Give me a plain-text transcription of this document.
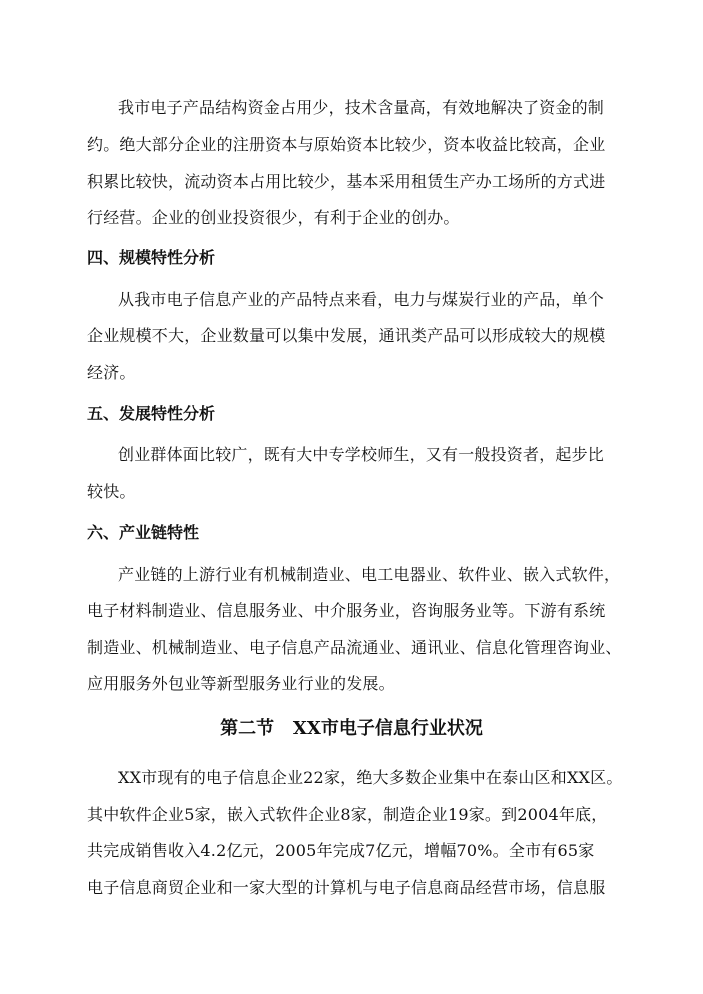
我市电子产品结构资金占用少，技术含量高，有效地解决了资金的制
约。绝大部分企业的注册资本与原始资本比较少，资本收益比较高，企业
积累比较快，流动资本占用比较少，基本采用租赁生产办工场所的方式进
行经营。企业的创业投资很少，有利于企业的创办。
四、规模特性分析
从我市电子信息产业的产品特点来看，电力与煤炭行业的产品，单个
企业规模不大，企业数量可以集中发展，通讯类产品可以形成较大的规模
经济。
五、发展特性分析
创业群体面比较广，既有大中专学校师生，又有一般投资者，起步比
较快。
六、产业链特性
产业链的上游行业有机械制造业、电工电器业、软件业、嵌入式软件，
电子材料制造业、信息服务业、中介服务业，咨询服务业等。下游有系统
制造业、机械制造业、电子信息产品流通业、通讯业、信息化管理咨询业、
应用服务外包业等新型服务业行业的发展。
第二节   XX市电子信息行业状况
XX市现有的电子信息企业22家，绝大多数企业集中在泰山区和XX区。
其中软件企业5家，嵌入式软件企业8家，制造企业19家。到2004年底，
共完成销售收入4.2亿元，2005年完成7亿元，增幅70%。全市有65家
电子信息商贸企业和一家大型的计算机与电子信息商品经营市场，信息服
